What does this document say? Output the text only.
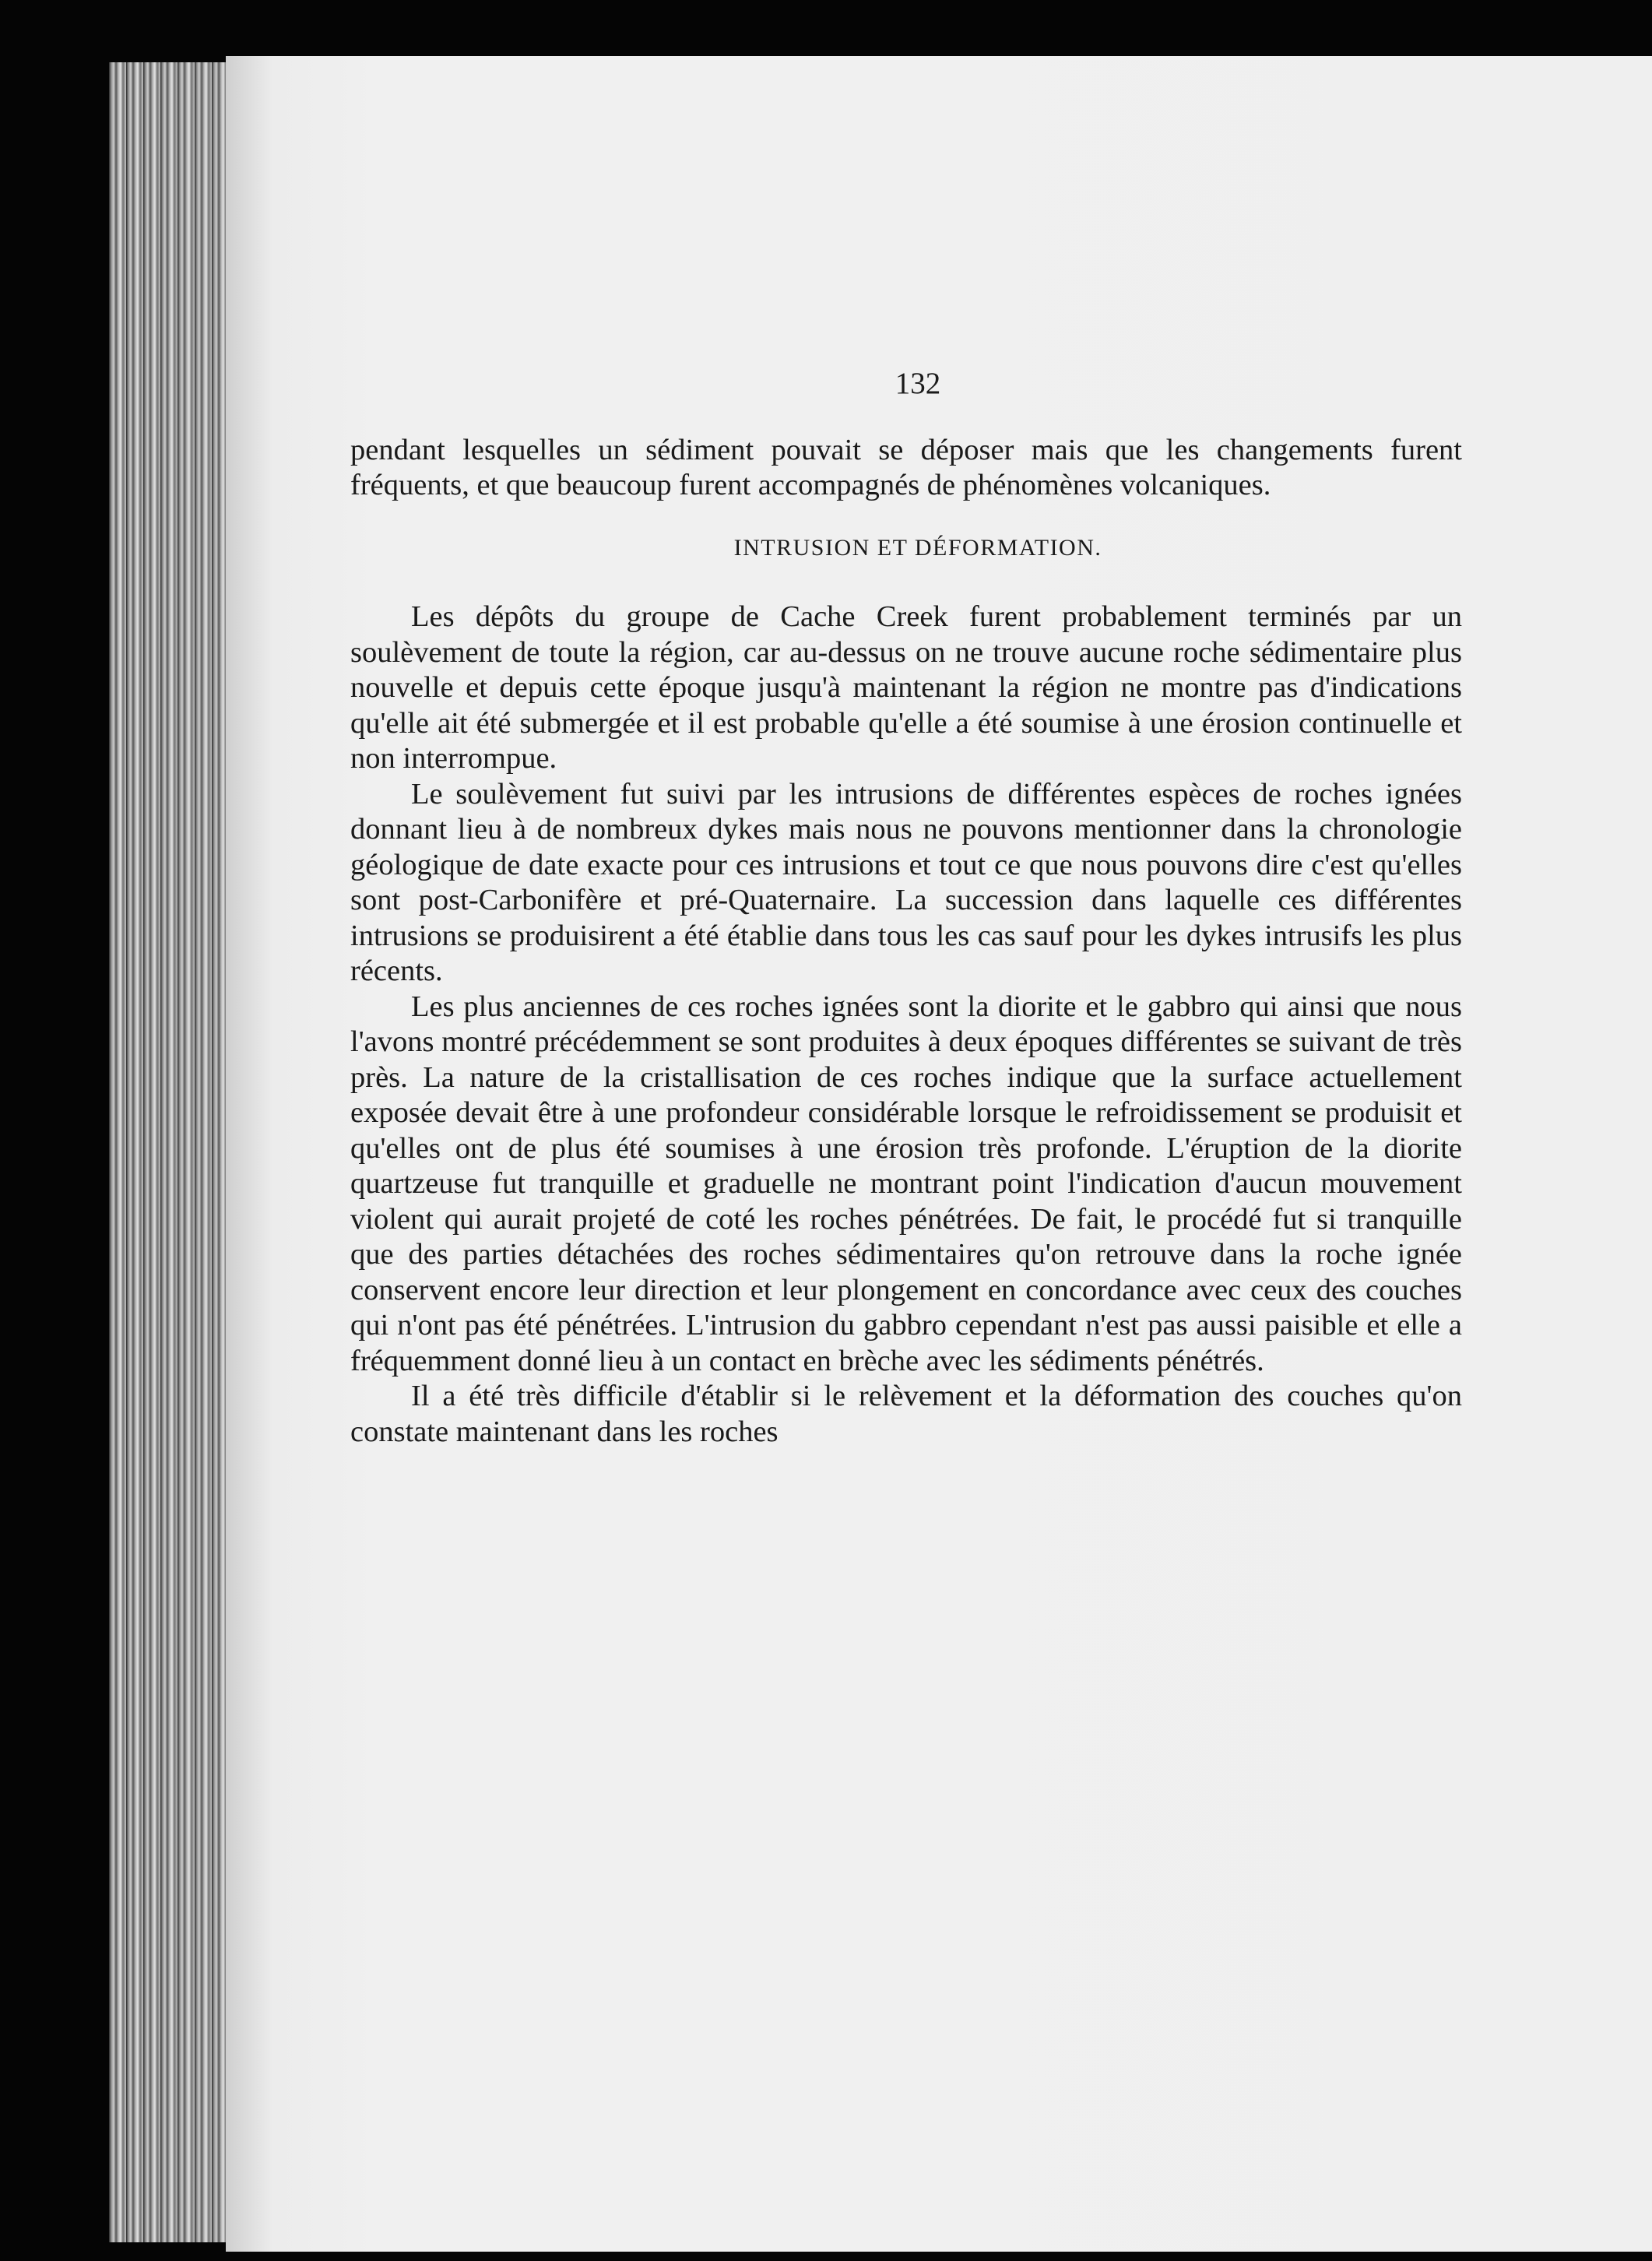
132

pendant lesquelles un sédiment pouvait se déposer mais que les changements furent fréquents, et que beaucoup furent accompagnés de phénomènes volcaniques.

INTRUSION ET DÉFORMATION.

Les dépôts du groupe de Cache Creek furent probablement terminés par un soulèvement de toute la région, car au-dessus on ne trouve aucune roche sédimentaire plus nouvelle et depuis cette époque jusqu'à maintenant la région ne montre pas d'indications qu'elle ait été submergée et il est probable qu'elle a été soumise à une érosion continuelle et non interrompue.

Le soulèvement fut suivi par les intrusions de différentes espèces de roches ignées donnant lieu à de nombreux dykes mais nous ne pouvons mentionner dans la chronologie géologique de date exacte pour ces intrusions et tout ce que nous pouvons dire c'est qu'elles sont post-Carbonifère et pré-Quaternaire. La succession dans laquelle ces différentes intrusions se produisirent a été établie dans tous les cas sauf pour les dykes intrusifs les plus récents.

Les plus anciennes de ces roches ignées sont la diorite et le gabbro qui ainsi que nous l'avons montré précédemment se sont produites à deux époques différentes se suivant de très près. La nature de la cristallisation de ces roches indique que la surface actuellement exposée devait être à une profondeur considérable lorsque le refroidissement se produisit et qu'elles ont de plus été soumises à une érosion très profonde. L'éruption de la diorite quartzeuse fut tranquille et graduelle ne montrant point l'indication d'aucun mouvement violent qui aurait projeté de coté les roches pénétrées. De fait, le procédé fut si tranquille que des parties détachées des roches sédimentaires qu'on retrouve dans la roche ignée conservent encore leur direction et leur plongement en concordance avec ceux des couches qui n'ont pas été pénétrées. L'intrusion du gabbro cependant n'est pas aussi paisible et elle a fréquemment donné lieu à un contact en brèche avec les sédiments pénétrés.

Il a été très difficile d'établir si le relèvement et la déformation des couches qu'on constate maintenant dans les roches
